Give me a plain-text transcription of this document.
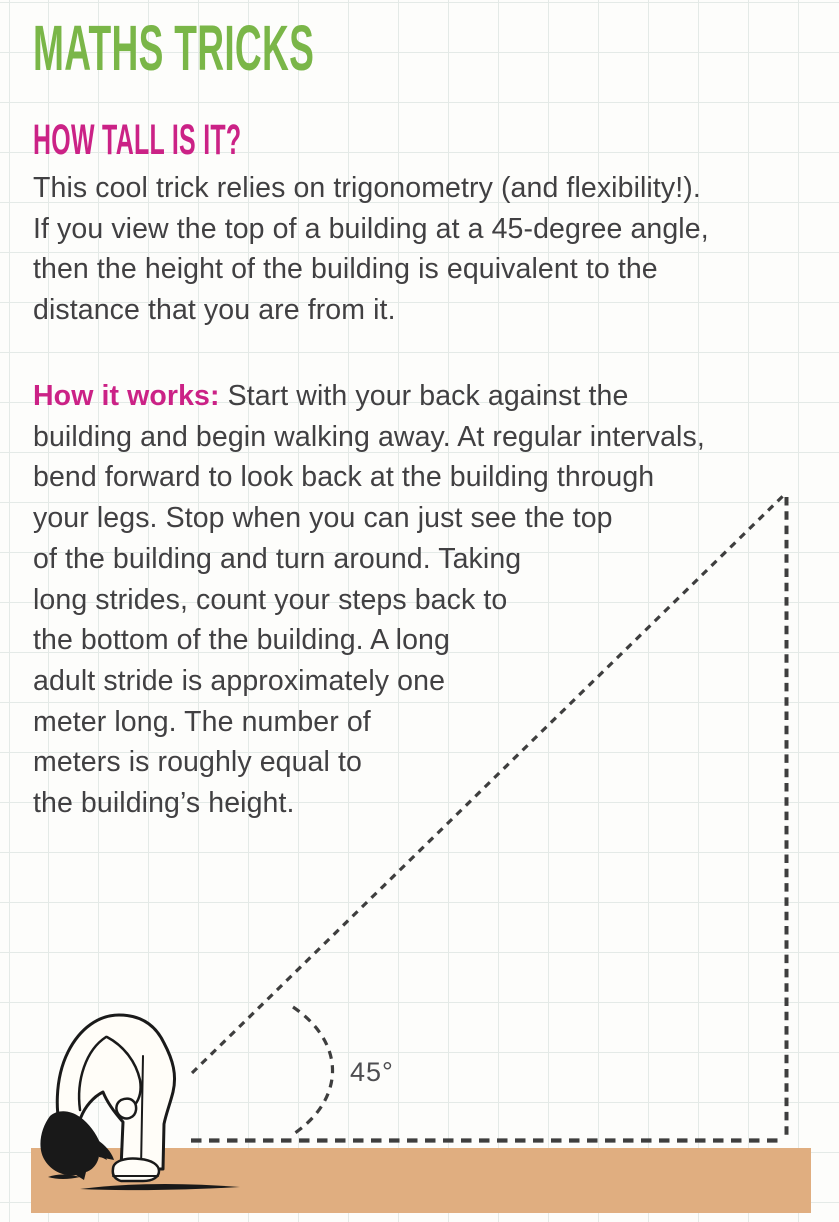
MATHS TRICKS
HOW TALL IS IT?
This cool trick relies on trigonometry (and flexibility!).
If you view the top of a building at a 45-degree angle,
then the height of the building is equivalent to the
distance that you are from it.
How it works: Start with your back against the
building and begin walking away. At regular intervals,
bend forward to look back at the building through
your legs. Stop when you can just see the top
of the building and turn around. Taking
long strides, count your steps back to
the bottom of the building. A long
adult stride is approximately one
meter long. The number of
meters is roughly equal to
the building’s height.
45°
